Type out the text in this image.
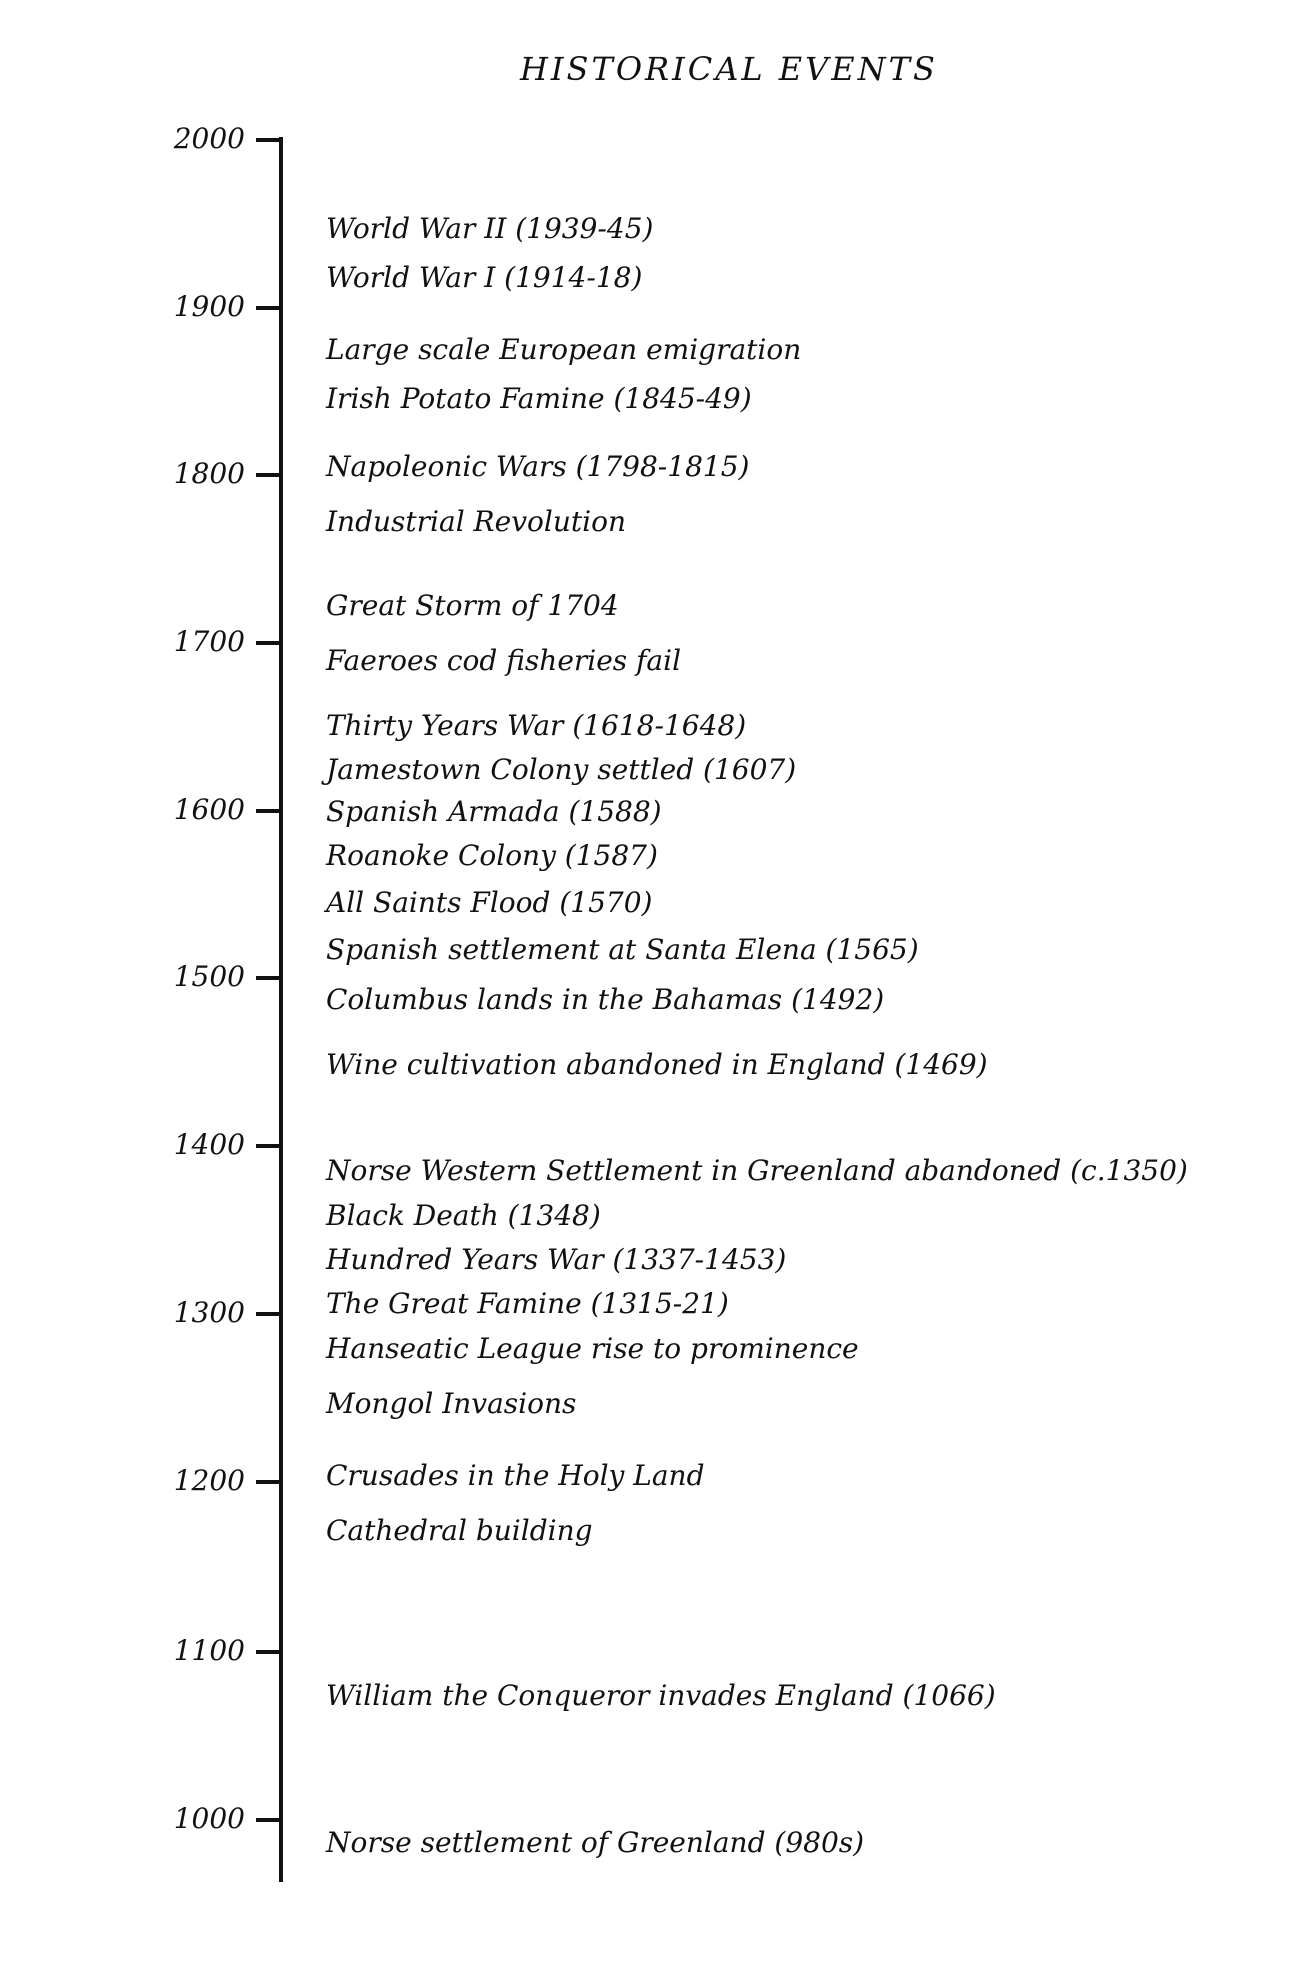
HISTORICAL EVENTS
2000
1900
1800
1700
1600
1500
1400
1300
1200
1100
1000
World War II (1939-45)
World War I (1914-18)
Large scale European emigration
Irish Potato Famine (1845-49)
Napoleonic Wars (1798-1815)
Industrial Revolution
Great Storm of 1704
Faeroes cod fisheries fail
Thirty Years War (1618-1648)
Jamestown Colony settled (1607)
Spanish Armada (1588)
Roanoke Colony (1587)
All Saints Flood (1570)
Spanish settlement at Santa Elena (1565)
Columbus lands in the Bahamas (1492)
Wine cultivation abandoned in England (1469)
Norse Western Settlement in Greenland abandoned (c.1350)
Black Death (1348)
Hundred Years War (1337-1453)
The Great Famine (1315-21)
Hanseatic League rise to prominence
Mongol Invasions
Crusades in the Holy Land
Cathedral building
William the Conqueror invades England (1066)
Norse settlement of Greenland (980s)
